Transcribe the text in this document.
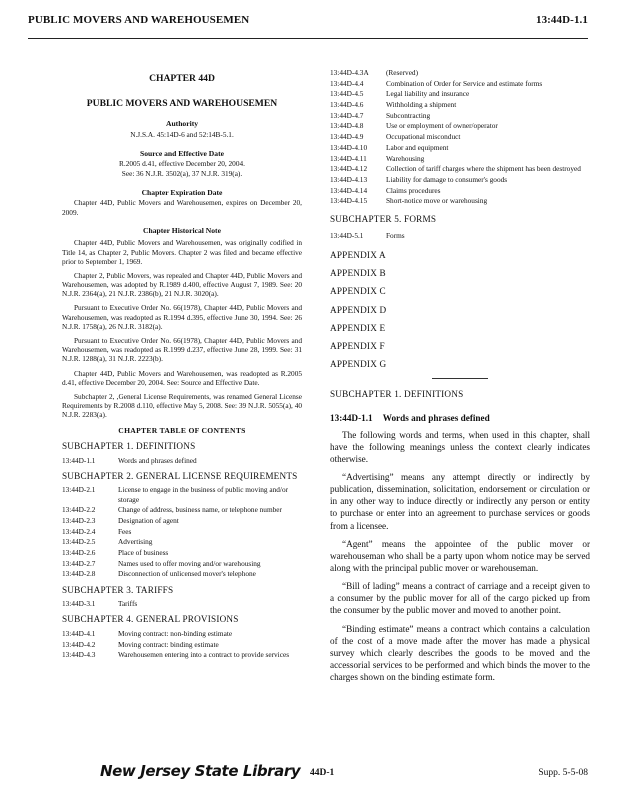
PUBLIC MOVERS AND WAREHOUSEMEN	13:44D-1.1
CHAPTER 44D
PUBLIC MOVERS AND WAREHOUSEMEN
Authority
N.J.S.A. 45:14D-6 and 52:14B-5.1.
Source and Effective Date
R.2005 d.41, effective December 20, 2004.
See: 36 N.J.R. 3502(a), 37 N.J.R. 319(a).
Chapter Expiration Date

Chapter 44D, Public Movers and Warehousemen, expires on December 20, 2009.

Chapter Historical Note

Chapter 44D, Public Movers and Warehousemen, was originally codified in Title 14, as Chapter 2, Public Movers. Chapter 2 was filed and became effective prior to September 1, 1969.

Chapter 2, Public Movers, was repealed and Chapter 44D, Public Movers and Warehousemen, was adopted by R.1989 d.400, effective August 7, 1989. See: 20 N.J.R. 2364(a), 21 N.J.R. 2386(b), 21 N.J.R. 3020(a).

Pursuant to Executive Order No. 66(1978), Chapter 44D, Public Movers and Warehousemen, was readopted as R.1994 d.395, effective June 30, 1994. See: 26 N.J.R. 1758(a), 26 N.J.R. 3182(a).

Pursuant to Executive Order No. 66(1978), Chapter 44D, Public Movers and Warehousemen, was readopted as R.1999 d.237, effective June 28, 1999. See: 31 N.J.R. 1288(a), 31 N.J.R. 2223(b).

Chapter 44D, Public Movers and Warehousemen, was readopted as R.2005 d.41, effective December 20, 2004. See: Source and Effective Date.

Subchapter 2, ,General License Requirements, was renamed General License Requirements by R.2008 d.110, effective May 5, 2008. See: 39 N.J.R. 5055(a), 40 N.J.R. 2283(a).

CHAPTER TABLE OF CONTENTS
SUBCHAPTER 1. DEFINITIONS
13:44D-1.1	Words and phrases defined
SUBCHAPTER 2. GENERAL LICENSE REQUIREMENTS
13:44D-2.1	License to engage in the business of public moving and/or storage
13:44D-2.2	Change of address, business name, or telephone number
13:44D-2.3	Designation of agent
13:44D-2.4	Fees
13:44D-2.5	Advertising
13:44D-2.6	Place of business
13:44D-2.7	Names used to offer moving and/or warehousing
13:44D-2.8	Disconnection of unlicensed mover's telephone
SUBCHAPTER 3. TARIFFS
13:44D-3.1	Tariffs
SUBCHAPTER 4. GENERAL PROVISIONS
13:44D-4.1	Moving contract: non-binding estimate
13:44D-4.2	Moving contract: binding estimate
13:44D-4.3	Warehousemen entering into a contract to provide services
13:44D-4.3A	(Reserved)
13:44D-4.4	Combination of Order for Service and estimate forms
13:44D-4.5	Legal liability and insurance
13:44D-4.6	Withholding a shipment
13:44D-4.7	Subcontracting
13:44D-4.8	Use or employment of owner/operator
13:44D-4.9	Occupational misconduct
13:44D-4.10	Labor and equipment
13:44D-4.11	Warehousing
13:44D-4.12	Collection of tariff charges where the shipment has been destroyed
13:44D-4.13	Liability for damage to consumer's goods
13:44D-4.14	Claims procedures
13:44D-4.15	Short-notice move or warehousing
SUBCHAPTER 5. FORMS
13:44D-5.1	Forms
APPENDIX A
APPENDIX B
APPENDIX C
APPENDIX D
APPENDIX E
APPENDIX F
APPENDIX G
SUBCHAPTER 1. DEFINITIONS
13:44D-1.1 Words and phrases defined

The following words and terms, when used in this chapter, shall have the following meanings unless the context clearly indicates otherwise.

“Advertising” means any attempt directly or indirectly by publication, dissemination, solicitation, endorsement or circulation or in any other way to induce directly or indirectly any person or entity to purchase or enter into an agreement to purchase services or goods from a licensee.

“Agent” means the appointee of the public mover or warehouseman who shall be a party upon whom notice may be served along with the principal public mover or warehouseman.

“Bill of lading” means a contract of carriage and a receipt given to a consumer by the public mover for all of the cargo picked up from the consumer by the public mover and moved to another point.

“Binding estimate” means a contract which contains a calculation of the cost of a move made after the mover has made a physical survey which clearly describes the goods to be moved and the accessorial services to be performed and which binds the mover to the charges shown on the binding estimate form.

New Jersey State Library 44D-1	Supp. 5-5-08
